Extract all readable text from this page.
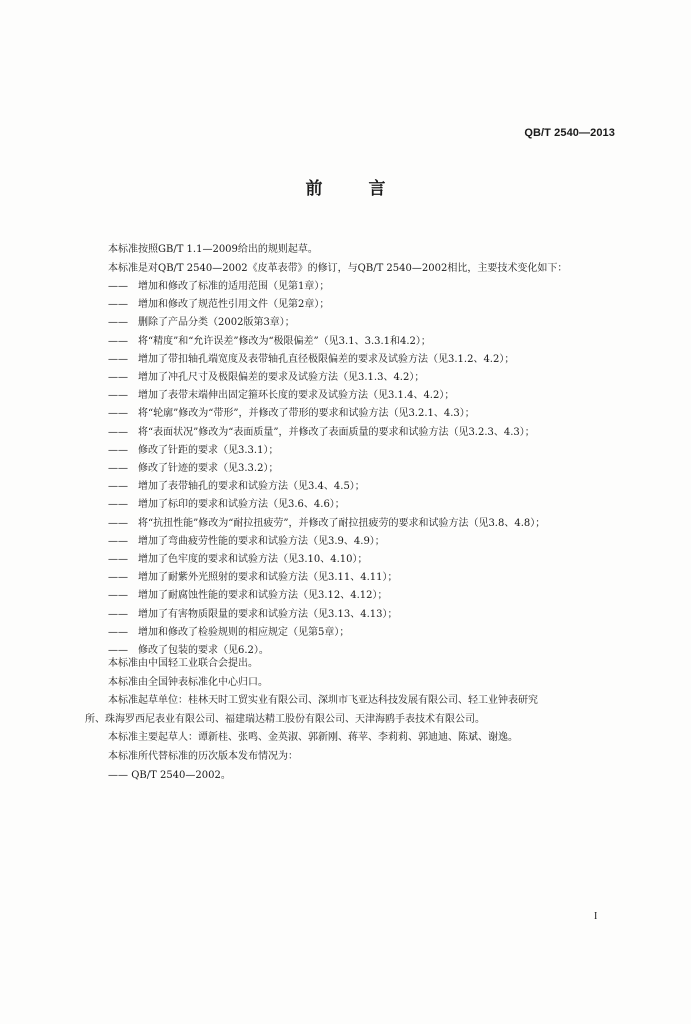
QB/T 2540—2013
前 言
本标准按照GB/T 1.1—2009给出的规则起草。
本标准是对QB/T 2540—2002《皮革表带》的修订，与QB/T 2540—2002相比，主要技术变化如下：
—— 增加和修改了标准的适用范围（见第1章）；
—— 增加和修改了规范性引用文件（见第2章）；
—— 删除了产品分类（2002版第3章）；
—— 将“精度”和“允许误差”修改为“极限偏差”（见3.1、3.3.1和4.2）；
—— 增加了带扣轴孔端宽度及表带轴孔直径极限偏差的要求及试验方法（见3.1.2、4.2）；
—— 增加了冲孔尺寸及极限偏差的要求及试验方法（见3.1.3、4.2）；
—— 增加了表带末端伸出固定箍环长度的要求及试验方法（见3.1.4、4.2）；
—— 将“轮廓”修改为“带形”，并修改了带形的要求和试验方法（见3.2.1、4.3）；
—— 将“表面状况”修改为“表面质量”，并修改了表面质量的要求和试验方法（见3.2.3、4.3）；
—— 修改了针距的要求（见3.3.1）；
—— 修改了针迹的要求（见3.3.2）；
—— 增加了表带轴孔的要求和试验方法（见3.4、4.5）；
—— 增加了标印的要求和试验方法（见3.6、4.6）；
—— 将“抗扭性能”修改为“耐拉扭疲劳”，并修改了耐拉扭疲劳的要求和试验方法（见3.8、4.8）；
—— 增加了弯曲疲劳性能的要求和试验方法（见3.9、4.9）；
—— 增加了色牢度的要求和试验方法（见3.10、4.10）；
—— 增加了耐紫外光照射的要求和试验方法（见3.11、4.11）；
—— 增加了耐腐蚀性能的要求和试验方法（见3.12、4.12）；
—— 增加了有害物质限量的要求和试验方法（见3.13、4.13）；
—— 增加和修改了检验规则的相应规定（见第5章）；
—— 修改了包装的要求（见6.2）。
本标准由中国轻工业联合会提出。
本标准由全国钟表标准化中心归口。
本标准起草单位：桂林天时工贸实业有限公司、深圳市飞亚达科技发展有限公司、轻工业钟表研究
所、珠海罗西尼表业有限公司、福建瑞达精工股份有限公司、天津海鸥手表技术有限公司。
本标准主要起草人：谭新桂、张鸣、金英淑、郭新刚、蒋苹、李莉莉、郭迪迪、陈斌、谢逸。
本标准所代替标准的历次版本发布情况为：
—— QB/T 2540—2002。
I
